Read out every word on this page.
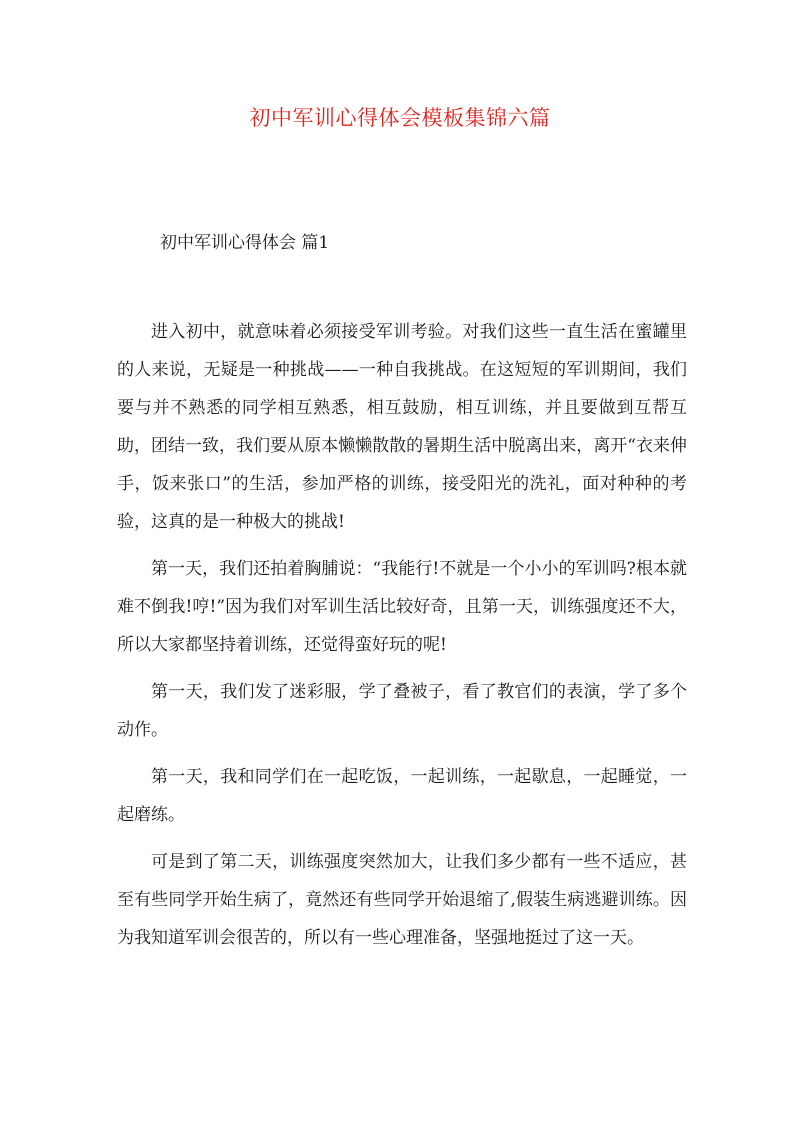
初中军训心得体会模板集锦六篇
初中军训心得体会 篇1

进入初中，就意味着必须接受军训考验。对我们这些一直生活在蜜罐里的人来说，无疑是一种挑战——一种自我挑战。在这短短的军训期间，我们要与并不熟悉的同学相互熟悉，相互鼓励，相互训练，并且要做到互帮互助，团结一致，我们要从原本懒懒散散的暑期生活中脱离出来，离开“衣来伸手，饭来张口”的生活，参加严格的训练，接受阳光的洗礼，面对种种的考验，这真的是一种极大的挑战!

第一天，我们还拍着胸脯说：“我能行!不就是一个小小的军训吗?根本就难不倒我!哼!”因为我们对军训生活比较好奇，且第一天，训练强度还不大，所以大家都坚持着训练，还觉得蛮好玩的呢!

第一天，我们发了迷彩服，学了叠被子，看了教官们的表演，学了多个动作。

第一天，我和同学们在一起吃饭，一起训练，一起歇息，一起睡觉，一起磨练。

可是到了第二天，训练强度突然加大，让我们多少都有一些不适应，甚至有些同学开始生病了，竟然还有些同学开始退缩了,假装生病逃避训练。因为我知道军训会很苦的，所以有一些心理准备，坚强地挺过了这一天。
